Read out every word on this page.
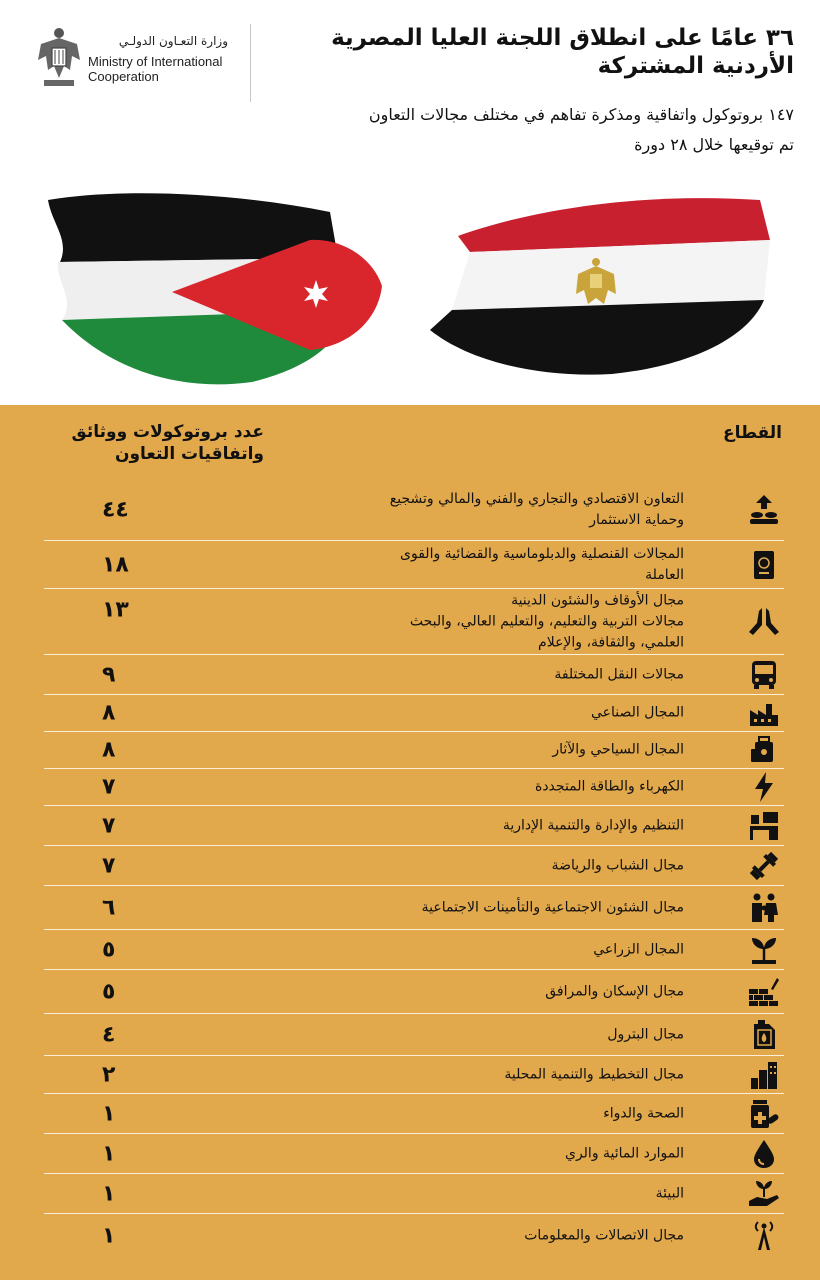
وزارة التعـاون الدولـي
Ministry of International
Cooperation
٣٦ عامًا على انطلاق اللجنة العليا المصرية الأردنية المشتركة
١٤٧ بروتوكول واتفاقية ومذكرة تفاهم في مختلف مجالات التعاون
تم توقيعها خلال ٢٨ دورة
القطاع
عدد بروتوكولات ووثائق
واتفاقيات التعاون
٤٤	التعاون الاقتصادي والتجاري والفني والمالي وتشجيع
وحماية الاستثمار
١٨	المجالات القنصلية والدبلوماسية والقضائية والقوى
العاملة
١٣	مجال الأوقاف والشئون الدينية
مجالات التربية والتعليم، والتعليم العالي، والبحث
العلمي، والثقافة، والإعلام
٩	مجالات النقل المختلفة
٨	المجال الصناعي
٨	المجال السياحي والآثار
٧	الكهرباء والطاقة المتجددة
٧	التنظيم والإدارة والتنمية الإدارية
٧	مجال الشباب والرياضة
٦	مجال الشئون الاجتماعية والتأمينات الاجتماعية
٥	المجال الزراعي
٥	مجال الإسكان والمرافق
٤	مجال البترول
٢	مجال التخطيط والتنمية المحلية
١	الصحة والدواء
١	الموارد المائية والري
١	البيئة
١	مجال الاتصالات والمعلومات
